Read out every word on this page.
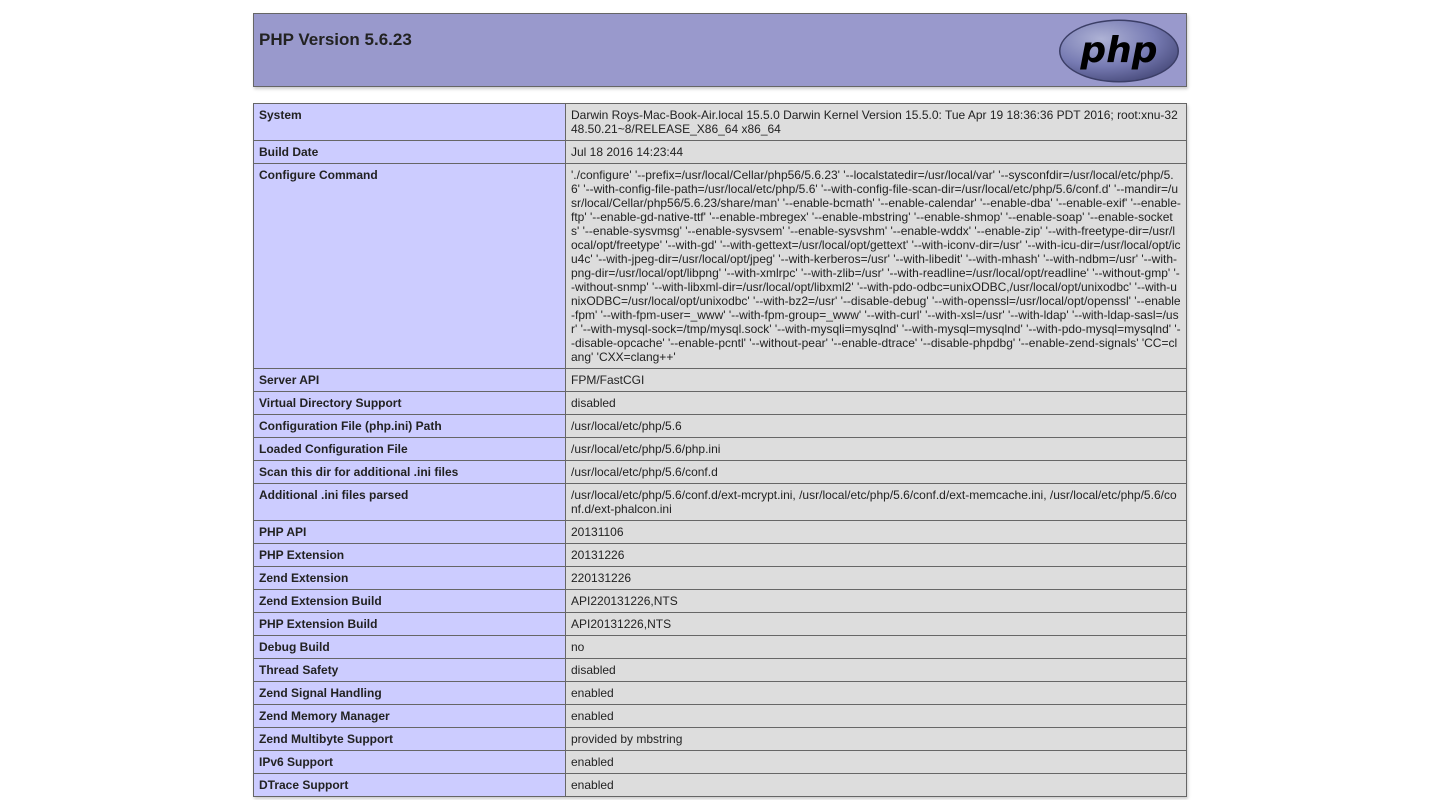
PHP Version 5.6.23	php
System	Darwin Roys-Mac-Book-Air.local 15.5.0 Darwin Kernel Version 15.5.0: Tue Apr 19 18:36:36 PDT 2016; root:xnu-3248.50.21~8/RELEASE_X86_64 x86_64
Build Date	Jul 18 2016 14:23:44
Configure Command	'./configure' '--prefix=/usr/local/Cellar/php56/5.6.23' '--localstatedir=/usr/local/var' '--sysconfdir=/usr/local/etc/php/5.6' '--with-config-file-path=/usr/local/etc/php/5.6' '--with-config-file-scan-dir=/usr/local/etc/php/5.6/conf.d' '--mandir=/usr/local/Cellar/php56/5.6.23/share/man' '--enable-bcmath' '--enable-calendar' '--enable-dba' '--enable-exif' '--enable-ftp' '--enable-gd-native-ttf' '--enable-mbregex' '--enable-mbstring' '--enable-shmop' '--enable-soap' '--enable-sockets' '--enable-sysvmsg' '--enable-sysvsem' '--enable-sysvshm' '--enable-wddx' '--enable-zip' '--with-freetype-dir=/usr/local/opt/freetype' '--with-gd' '--with-gettext=/usr/local/opt/gettext' '--with-iconv-dir=/usr' '--with-icu-dir=/usr/local/opt/icu4c' '--with-jpeg-dir=/usr/local/opt/jpeg' '--with-kerberos=/usr' '--with-libedit' '--with-mhash' '--with-ndbm=/usr' '--with-png-dir=/usr/local/opt/libpng' '--with-xmlrpc' '--with-zlib=/usr' '--with-readline=/usr/local/opt/readline' '--without-gmp' '--without-snmp' '--with-libxml-dir=/usr/local/opt/libxml2' '--with-pdo-odbc=unixODBC,/usr/local/opt/unixodbc' '--with-unixODBC=/usr/local/opt/unixodbc' '--with-bz2=/usr' '--disable-debug' '--with-openssl=/usr/local/opt/openssl' '--enable-fpm' '--with-fpm-user=_www' '--with-fpm-group=_www' '--with-curl' '--with-xsl=/usr' '--with-ldap' '--with-ldap-sasl=/usr' '--with-mysql-sock=/tmp/mysql.sock' '--with-mysqli=mysqlnd' '--with-mysql=mysqlnd' '--with-pdo-mysql=mysqlnd' '--disable-opcache' '--enable-pcntl' '--without-pear' '--enable-dtrace' '--disable-phpdbg' '--enable-zend-signals' 'CC=clang' 'CXX=clang++'
Server API	FPM/FastCGI
Virtual Directory Support	disabled
Configuration File (php.ini) Path	/usr/local/etc/php/5.6
Loaded Configuration File	/usr/local/etc/php/5.6/php.ini
Scan this dir for additional .ini files	/usr/local/etc/php/5.6/conf.d
Additional .ini files parsed	/usr/local/etc/php/5.6/conf.d/ext-mcrypt.ini, /usr/local/etc/php/5.6/conf.d/ext-memcache.ini, /usr/local/etc/php/5.6/conf.d/ext-phalcon.ini
PHP API	20131106
PHP Extension	20131226
Zend Extension	220131226
Zend Extension Build	API220131226,NTS
PHP Extension Build	API20131226,NTS
Debug Build	no
Thread Safety	disabled
Zend Signal Handling	enabled
Zend Memory Manager	enabled
Zend Multibyte Support	provided by mbstring
IPv6 Support	enabled
DTrace Support	enabled
